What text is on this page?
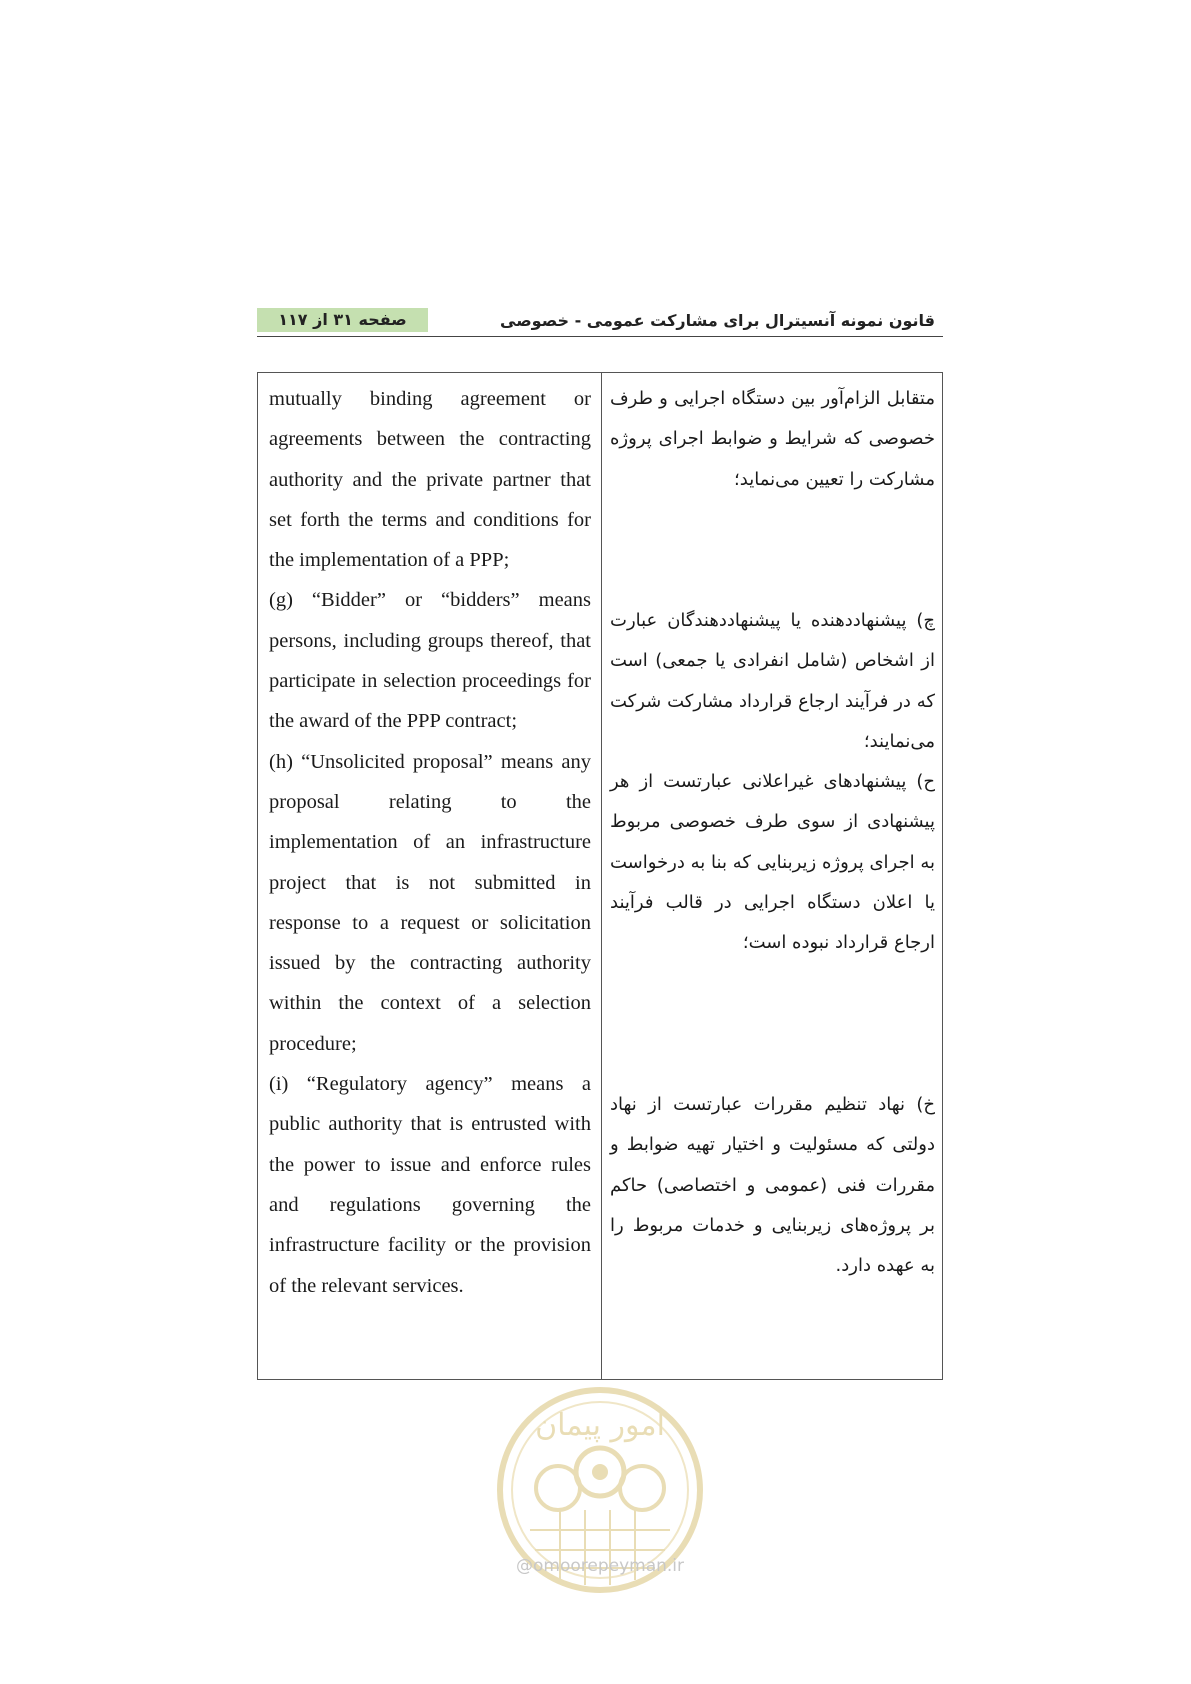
صفحه ۳۱ از ۱۱۷	قانون نمونه آنسیترال برای مشارکت عمومی - خصوصی

mutually binding agreement or agreements between the contracting authority and the private partner that set forth the terms and conditions for the implementation of a PPP;

(g) “Bidder” or “bidders” means persons, including groups thereof, that participate in selection proceedings for the award of the PPP contract;

(h) “Unsolicited proposal” means any proposal relating to the implementation of an infrastructure project that is not submitted in response to a request or solicitation issued by the contracting authority within the context of a selection procedure;

(i) “Regulatory agency” means a public authority that is entrusted with the power to issue and enforce rules and regulations governing the infrastructure facility or the provision of the relevant services.

متقابل الزام‌آور بین دستگاه اجرایی و طرف خصوصی که شرایط و ضوابط اجرای پروژه مشارکت را تعیین می‌نماید؛

چ) پیشنهاددهنده یا پیشنهاددهندگان عبارت از اشخاص (شامل انفرادی یا جمعی) است که در فرآیند ارجاع قرارداد مشارکت شرکت می‌نمایند؛

ح) پیشنهادهای غیراعلانی عبارتست از هر پیشنهادی از سوی طرف خصوصی مربوط به اجرای پروژه زیربنایی که بنا به درخواست یا اعلان دستگاه اجرایی در قالب فرآیند ارجاع قرارداد نبوده است؛

خ) نهاد تنظیم مقررات عبارتست از نهاد دولتی که مسئولیت و اختیار تهیه ضوابط و مقررات فنی (عمومی و اختصاصی) حاکم بر پروژه‌های زیربنایی و خدمات مربوط را به عهده دارد.

امور پیمان
@omoorepeyman.ir
